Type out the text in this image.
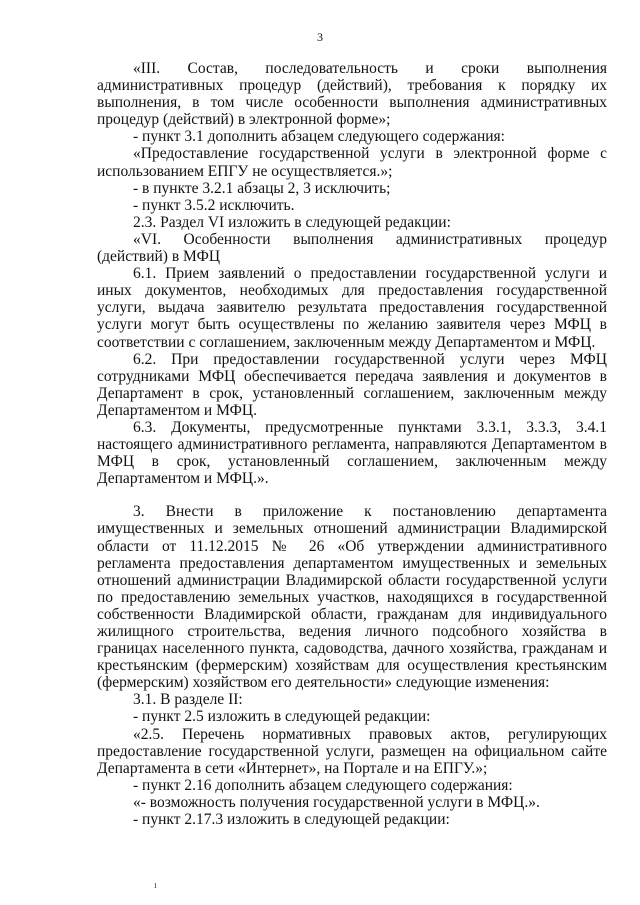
3

«III. Состав, последовательность и сроки выполнения административных процедур (действий), требования к порядку их выполнения, в том числе особенности выполнения административных процедур (действий) в электронной форме»;

- пункт 3.1 дополнить абзацем следующего содержания:

«Предоставление государственной услуги в электронной форме с использованием ЕПГУ не осуществляется.»;

- в пункте 3.2.1 абзацы 2, 3 исключить;

- пункт 3.5.2 исключить.

2.3. Раздел VI изложить в следующей редакции:

«VI. Особенности выполнения административных процедур (действий) в МФЦ

6.1. Прием заявлений о предоставлении государственной услуги и иных документов, необходимых для предоставления государственной услуги, выдача заявителю результата предоставления государственной услуги могут быть осуществлены по желанию заявителя через МФЦ в соответствии с соглашением, заключенным между Департаментом и МФЦ.

6.2. При предоставлении государственной услуги через МФЦ сотрудниками МФЦ обеспечивается передача заявления и документов в Департамент в срок, установленный соглашением, заключенным между Департаментом и МФЦ.

6.3. Документы, предусмотренные пунктами 3.3.1, 3.3.3, 3.4.1 настоящего административного регламента, направляются Департаментом в МФЦ в срок, установленный соглашением, заключенным между Департаментом и МФЦ.».

3. Внести в приложение к постановлению департамента имущественных и земельных отношений администрации Владимирской области от 11.12.2015 № 26 «Об утверждении административного регламента предоставления департаментом имущественных и земельных отношений администрации Владимирской области государственной услуги по предоставлению земельных участков, находящихся в государственной собственности Владимирской области, гражданам для индивидуального жилищного строительства, ведения личного подсобного хозяйства в границах населенного пункта, садоводства, дачного хозяйства, гражданам и крестьянским (фермерским) хозяйствам для осуществления крестьянским (фермерским) хозяйством его деятельности» следующие изменения:

3.1. В разделе II:

- пункт 2.5 изложить в следующей редакции:

«2.5. Перечень нормативных правовых актов, регулирующих предоставление государственной услуги, размещен на официальном сайте Департамента в сети «Интернет», на Портале и на ЕПГУ.»;

- пункт 2.16 дополнить абзацем следующего содержания:

«- возможность получения государственной услуги в МФЦ.».

- пункт 2.17.3 изложить в следующей редакции:

ı
